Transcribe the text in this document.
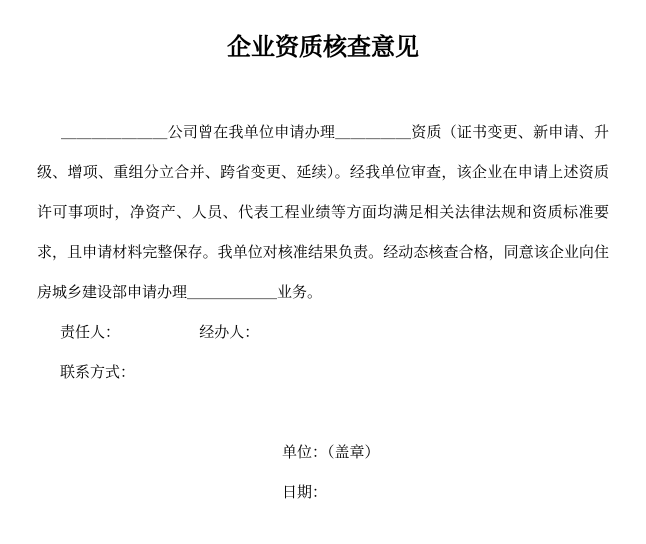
企业资质核查意见

＿＿＿＿＿＿＿公司曾在我单位申请办理＿＿＿＿＿资质（证书变更、新申请、升级、增项、重组分立合并、跨省变更、延续）。经我单位审查，该企业在申请上述资质许可事项时，净资产、人员、代表工程业绩等方面均满足相关法律法规和资质标准要求，且申请材料完整保存。我单位对核准结果负责。经动态核查合格，同意该企业向住房城乡建设部申请办理＿＿＿＿＿＿业务。

责任人：	经办人：
联系方式：
单位：（盖章）
日期：
